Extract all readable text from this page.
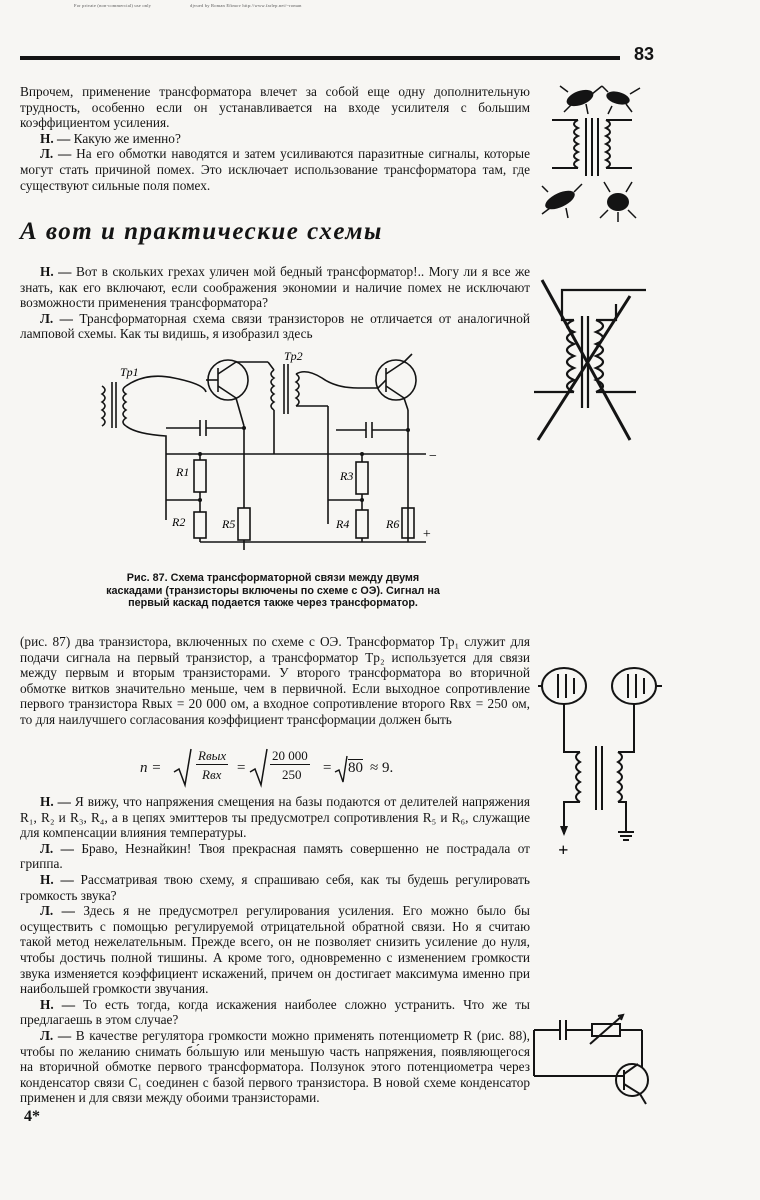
For private (non-commercial) use only	djvued by Roman Efimov http://www.farlep.net/~roman
83

Впрочем, применение трансформатора влечет за собой еще одну дополнительную трудность, особенно если он устанавливается на входе усилителя с большим коэффициентом усиления.

Н. — Какую же именно?

Л. — На его обмотки наводятся и затем усиливаются паразитные сигналы, которые могут стать причиной помех. Это исключает использование трансформатора там, где существуют сильные поля помех.

А вот и практические схемы

Н. — Вот в скольких грехах уличен мой бедный трансформатор!.. Могу ли я все же знать, как его включают, если соображения экономии и наличие помех не исключают возможности применения трансформатора?

Л. — Трансформаторная схема связи транзисторов не отличается от аналогичной ламповой схемы. Как ты видишь, я изобразил здесь

Tp1
Tp2
R1
R2
R3
R4
R5	R6
−
+
Рис. 87. Схема трансформаторной связи между двумя каскадами (транзисторы включены по схеме с ОЭ). Сигнал на первый каскад подается также через трансформатор.

(рис. 87) два транзистора, включенных по схеме с ОЭ. Трансформатор Tp₁ служит для подачи сигнала на первый транзистор, а трансформатор Tp₂ используется для связи между первым и вторым транзисторами. У второго трансформатора во вторичной обмотке витков значительно меньше, чем в первичной. Если выходное сопротивление первого транзистора Rвых = 20 000 ом, а входное сопротивление второго Rвх = 250 ом, то для наилучшего согласования коэффициент трансформации должен быть

n =
Rвых
Rвх =
20 000
250 = 80 ≈ 9.

Н. — Я вижу, что напряжения смещения на базы подаются от делителей напряжения R₁, R₂ и R₃, R₄, а в цепях эмиттеров ты предусмотрел сопротивления R₅ и R₆, служащие для компенсации влияния температуры.

Л. — Браво, Незнайкин! Твоя прекрасная память совершенно не пострадала от гриппа.

Н. — Рассматривая твою схему, я спрашиваю себя, как ты будешь регулировать громкость звука?

Л. — Здесь я не предусмотрел регулирования усиления. Его можно было бы осуществить с помощью регулируемой отрицательной обратной связи. Но я считаю такой метод нежелательным. Прежде всего, он не позволяет снизить усиление до нуля, чтобы достичь полной тишины. А кроме того, одновременно с изменением громкости звука изменяется коэффициент искажений, причем он достигает максимума именно при наибольшей громкости звучания.

Н. — То есть тогда, когда искажения наиболее сложно устранить. Что же ты предлагаешь в этом случае?

Л. — В качестве регулятора громкости можно применять потенциометр R (рис. 88), чтобы по желанию снимать бо́льшую или меньшую часть напряжения, появляющегося на вторичной обмотке первого трансформатора. Ползунок этого потенциометра через конденсатор связи C₁ соединен с базой первого транзистора. В новой схеме конденсатор применен и для связи между обоими транзисторами.

+
4*
